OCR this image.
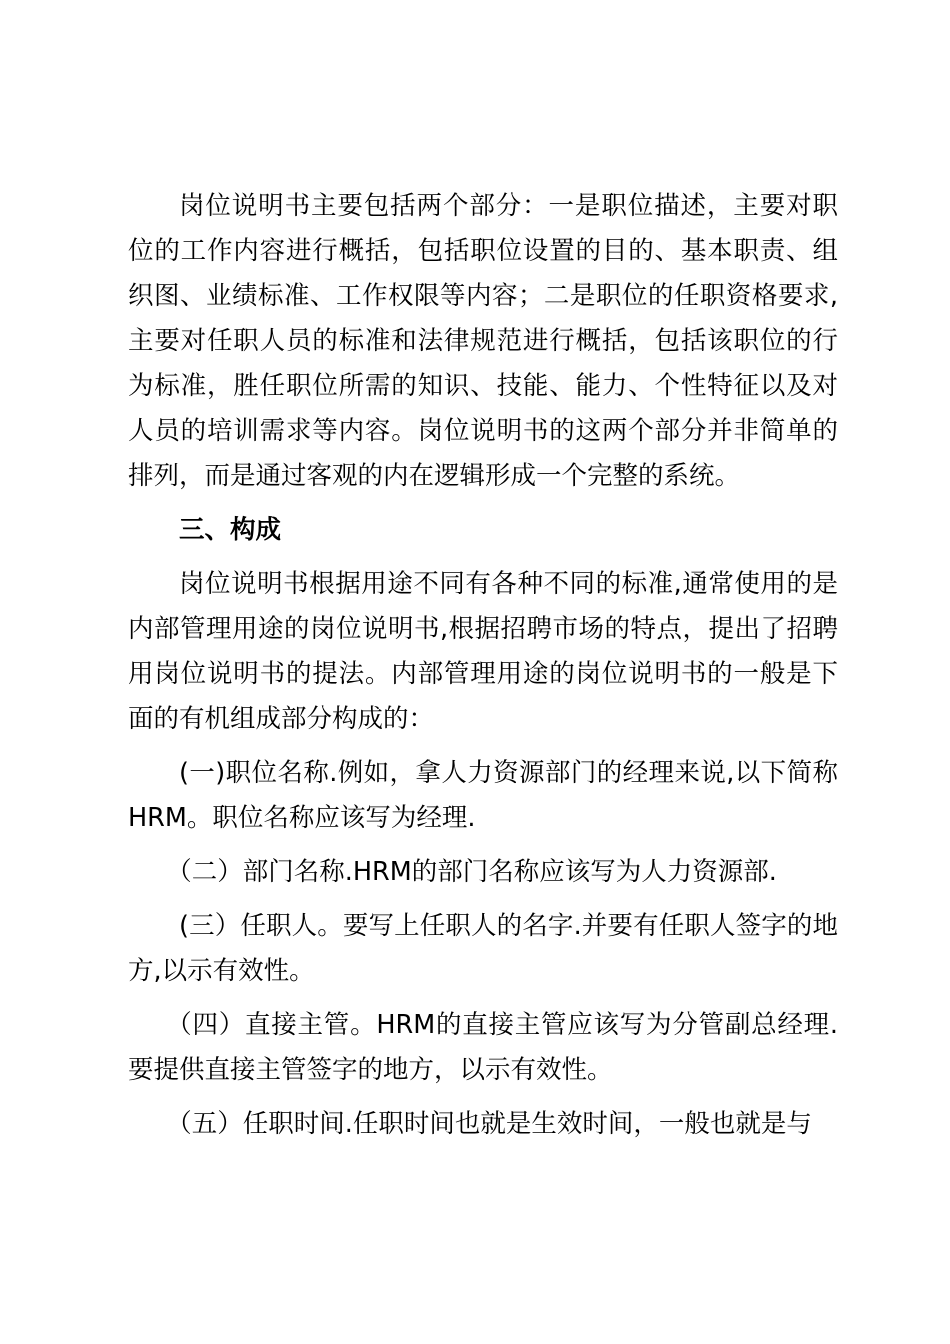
岗位说明书主要包括两个部分：一是职位描述，主要对职位的工作内容进行概括，包括职位设置的目的、基本职责、组织图、业绩标准、工作权限等内容；二是职位的任职资格要求,主要对任职人员的标准和法律规范进行概括，包括该职位的行为标准，胜任职位所需的知识、技能、能力、个性特征以及对人员的培训需求等内容。岗位说明书的这两个部分并非简单的排列，而是通过客观的内在逻辑形成一个完整的系统。

三、构成

岗位说明书根据用途不同有各种不同的标准,通常使用的是内部管理用途的岗位说明书,根据招聘市场的特点，提出了招聘用岗位说明书的提法。内部管理用途的岗位说明书的一般是下面的有机组成部分构成的：

(一)职位名称.例如，拿人力资源部门的经理来说,以下简称HRM。职位名称应该写为经理.

（二）部门名称.HRM的部门名称应该写为人力资源部.

(三）任职人。要写上任职人的名字.并要有任职人签字的地方,以示有效性。

（四）直接主管。HRM的直接主管应该写为分管副总经理.要提供直接主管签字的地方，以示有效性。

（五）任职时间.任职时间也就是生效时间，一般也就是与
